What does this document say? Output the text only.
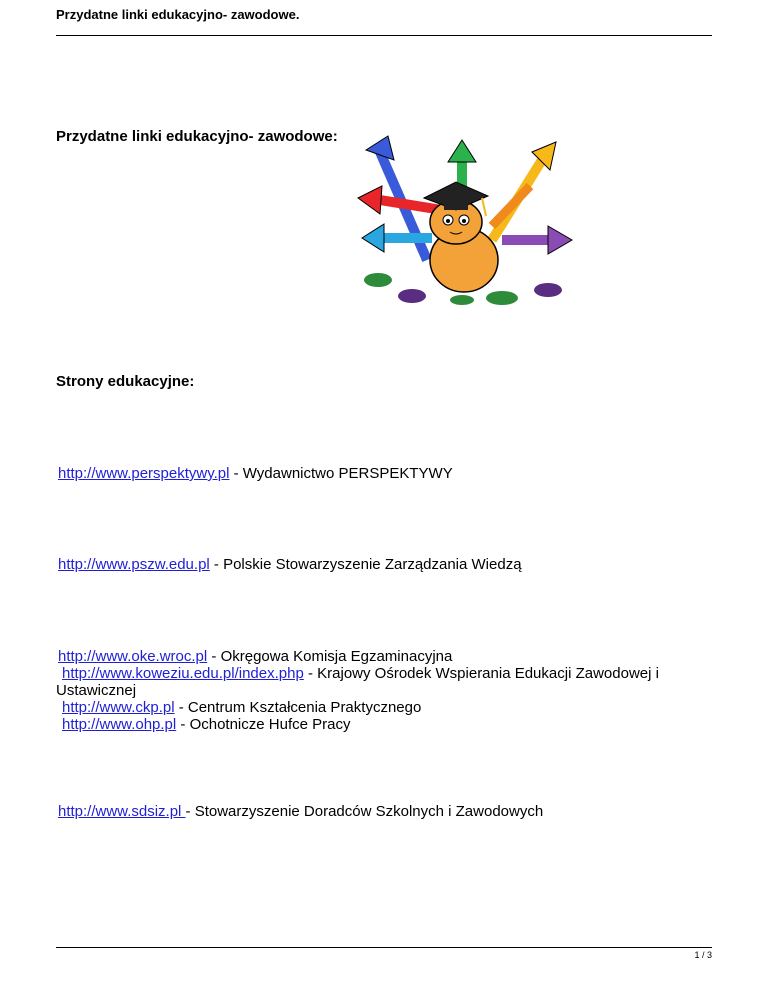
Przydatne linki edukacyjno- zawodowe.
Przydatne linki edukacyjno- zawodowe:
Strony edukacyjne:
http://www.perspektywy.pl - Wydawnictwo PERSPEKTYWY
http://www.pszw.edu.pl - Polskie Stowarzyszenie Zarządzania Wiedzą
http://www.oke.wroc.pl - Okręgowa Komisja Egzaminacyjna
http://www.koweziu.edu.pl/index.php - Krajowy Ośrodek Wspierania Edukacji Zawodowej i
Ustawicznej
http://www.ckp.pl - Centrum Kształcenia Praktycznego
http://www.ohp.pl - Ochotnicze Hufce Pracy
http://www.sdsiz.pl - Stowarzyszenie Doradców Szkolnych i Zawodowych
1 / 3
